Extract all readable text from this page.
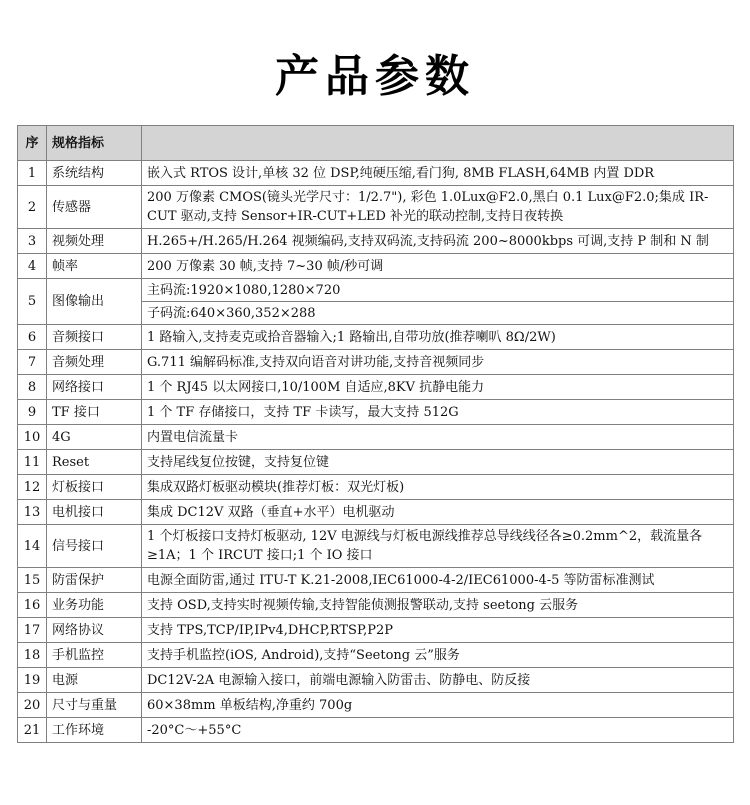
产品参数
序	规格指标	
1	系统结构	嵌入式 RTOS 设计,单核 32 位 DSP,纯硬压缩,看门狗, 8MB FLASH,64MB 内置 DDR
2	传感器	200 万像素 CMOS(镜头光学尺寸：1/2.7"), 彩色 1.0Lux@F2.0,黑白 0.1 Lux@F2.0;集成 IR-CUT 驱动,支持 Sensor+IR-CUT+LED 补光的联动控制,支持日夜转换
3	视频处理	H.265+/H.265/H.264 视频编码,支持双码流,支持码流 200~8000kbps 可调,支持 P 制和 N 制
4	帧率	200 万像素 30 帧,支持 7~30 帧/秒可调
5	图像输出	主码流:1920×1080,1280×720
		子码流:640×360,352×288
6	音频接口	1 路输入,支持麦克或拾音器输入;1 路输出,自带功放(推荐喇叭 8Ω/2W)
7	音频处理	G.711 编解码标准,支持双向语音对讲功能,支持音视频同步
8	网络接口	1 个 RJ45 以太网接口,10/100M 自适应,8KV 抗静电能力
9	TF 接口	1 个 TF 存储接口，支持 TF 卡读写，最大支持 512G
10	4G	内置电信流量卡
11	Reset	支持尾线复位按键，支持复位键
12	灯板接口	集成双路灯板驱动模块(推荐灯板：双光灯板)
13	电机接口	集成 DC12V 双路（垂直+水平）电机驱动
14	信号接口	1 个灯板接口支持灯板驱动, 12V 电源线与灯板电源线推荐总导线线径各≥0.2mm^2，载流量各≥1A；1 个 IRCUT 接口;1 个 IO 接口
15	防雷保护	电源全面防雷,通过 ITU-T K.21-2008,IEC61000-4-2/IEC61000-4-5 等防雷标准测试
16	业务功能	支持 OSD,支持实时视频传输,支持智能侦测报警联动,支持 seetong 云服务
17	网络协议	支持 TPS,TCP/IP,IPv4,DHCP,RTSP,P2P
18	手机监控	支持手机监控(iOS, Android),支持“Seetong 云”服务
19	电源	DC12V-2A 电源输入接口，前端电源输入防雷击、防静电、防反接
20	尺寸与重量	60×38mm 单板结构,净重约 700g
21	工作环境	-20°C～+55°C
